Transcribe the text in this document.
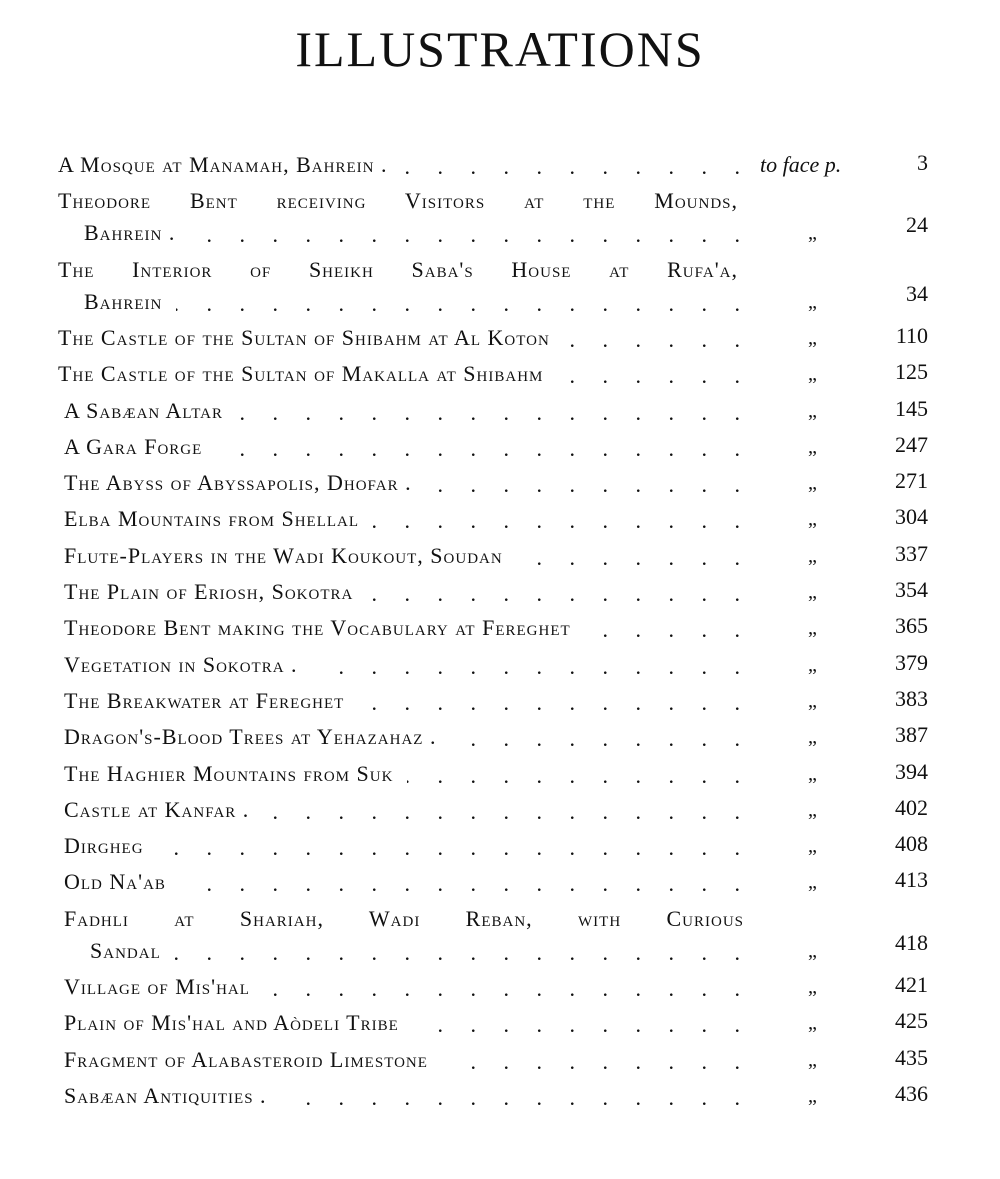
ILLUSTRATIONS
A Mosque at Manamah, Bahrein . . . .	to face p.	3
Theodore Bent receiving Visitors at the Mounds,
Bahrein . . . .	„	24
The Interior of Sheikh Saba's House at Rufa'a,
Bahrein . . .	„	34
The Castle of the Sultan of Shibahm at Al Koton . . .	„	110
The Castle of the Sultan of Makalla at Shibahm . . .	„	125
A Sabæan Altar . . .	„	145
A Gara Forge . . .	„	247
The Abyss of Abyssapolis, Dhofar . . . .	„	271
Elba Mountains from Shellal . . .	„	304
Flute-Players in the Wadi Koukout, Soudan . . .	„	337
The Plain of Eriosh, Sokotra . . .	„	354
Theodore Bent making the Vocabulary at Fereghet . . .	„	365
Vegetation in Sokotra . . . .	„	379
The Breakwater at Fereghet . . .	„	383
Dragon's-Blood Trees at Yehazahaz . . . .	„	387
The Haghier Mountains from Suk . . .	„	394
Castle at Kanfar . . . .	„	402
Dirgheg . . .	„	408
Old Na'ab . . .	„	413
Fadhli at Shariah, Wadi Reban, with Curious
Sandal . . .	„	418
Village of Mis'hal . . .	„	421
Plain of Mis'hal and Aòdeli Tribe . . .	„	425
Fragment of Alabasteroid Limestone . . .	„	435
Sabæan Antiquities . . . .	„	436
